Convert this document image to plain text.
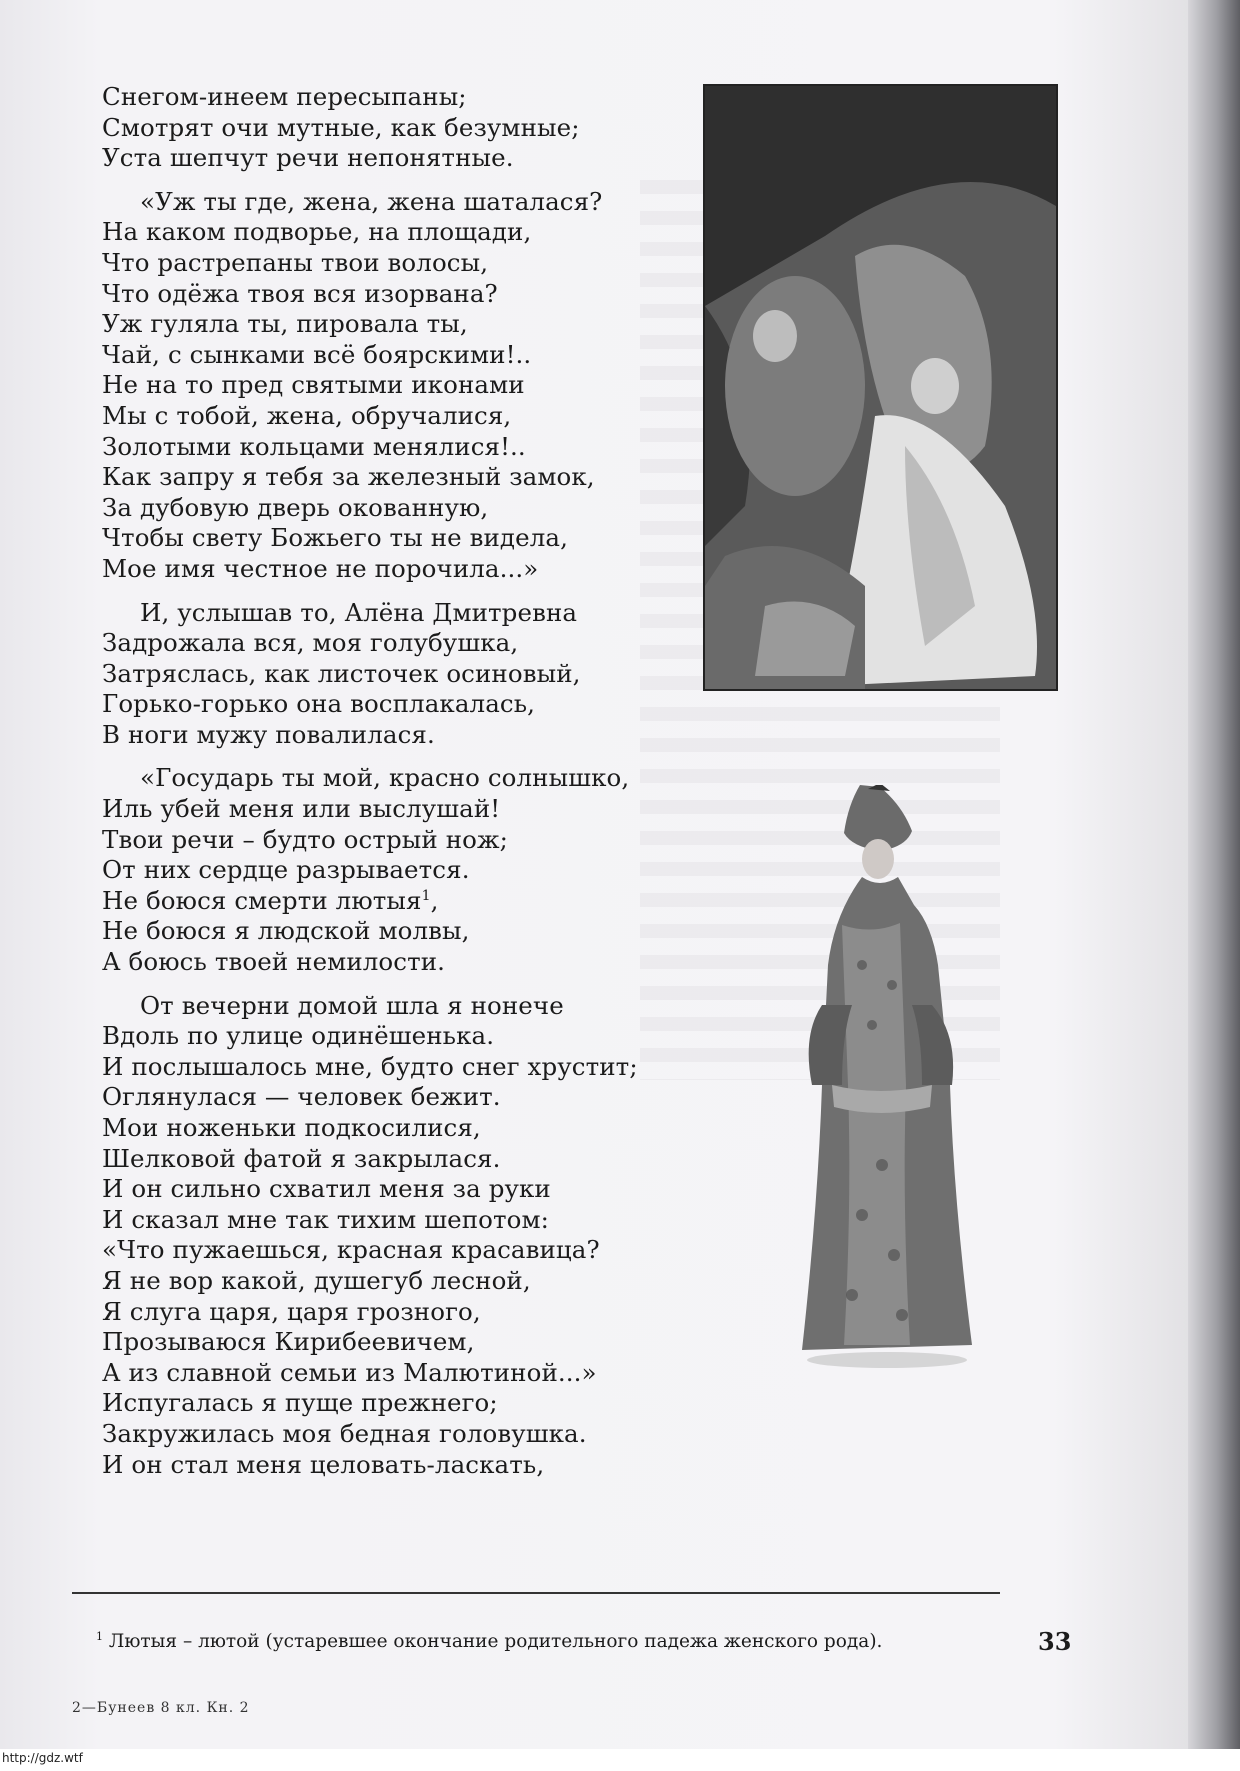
Снегом-инеем пересыпаны;
Смотрят очи мутные, как безумные;
Уста шепчут речи непонятные.
«Уж ты где, жена, жена шаталася?
На каком подворье, на площади,
Что растрепаны твои волосы,
Что одёжа твоя вся изорвана?
Уж гуляла ты, пировала ты,
Чай, с сынками всё боярскими!..
Не на то пред святыми иконами
Мы с тобой, жена, обручалися,
Золотыми кольцами менялися!..
Как запру я тебя за железный замок,
За дубовую дверь окованную,
Чтобы свету Божьего ты не видела,
Мое имя честное не порочила...»
И, услышав то, Алёна Дмитревна
Задрожала вся, моя голубушка,
Затряслась, как листочек осиновый,
Горько-горько она восплакалась,
В ноги мужу повалилася.
«Государь ты мой, красно солнышко,
Иль убей меня или выслушай!
Твои речи – будто острый нож;
От них сердце разрывается.
Не боюся смерти лютыя$^1$,
Не боюся я людской молвы,
А боюсь твоей немилости.
От вечерни домой шла я нонече
Вдоль по улице одинёшенька.
И послышалось мне, будто снег хрустит;
Оглянулася — человек бежит.
Мои ноженьки подкосилися,
Шелковой фатой я закрылася.
И он сильно схватил меня за руки
И сказал мне так тихим шепотом:
«Что пужаешься, красная красавица?
Я не вор какой, душегуб лесной,
Я слуга царя, царя грозного,
Прозываюся Кирибеевичем,
А из славной семьи из Малютиной...»
Испугалась я пуще прежнего;
Закружилась моя бедная головушка.
И он стал меня целовать-ласкать,
$^1$ Лютыя – лютой (устаревшее окончание родительного падежа женского рода).	33
2—Бунеев 8 кл. Кн. 2
http://gdz.wtf
